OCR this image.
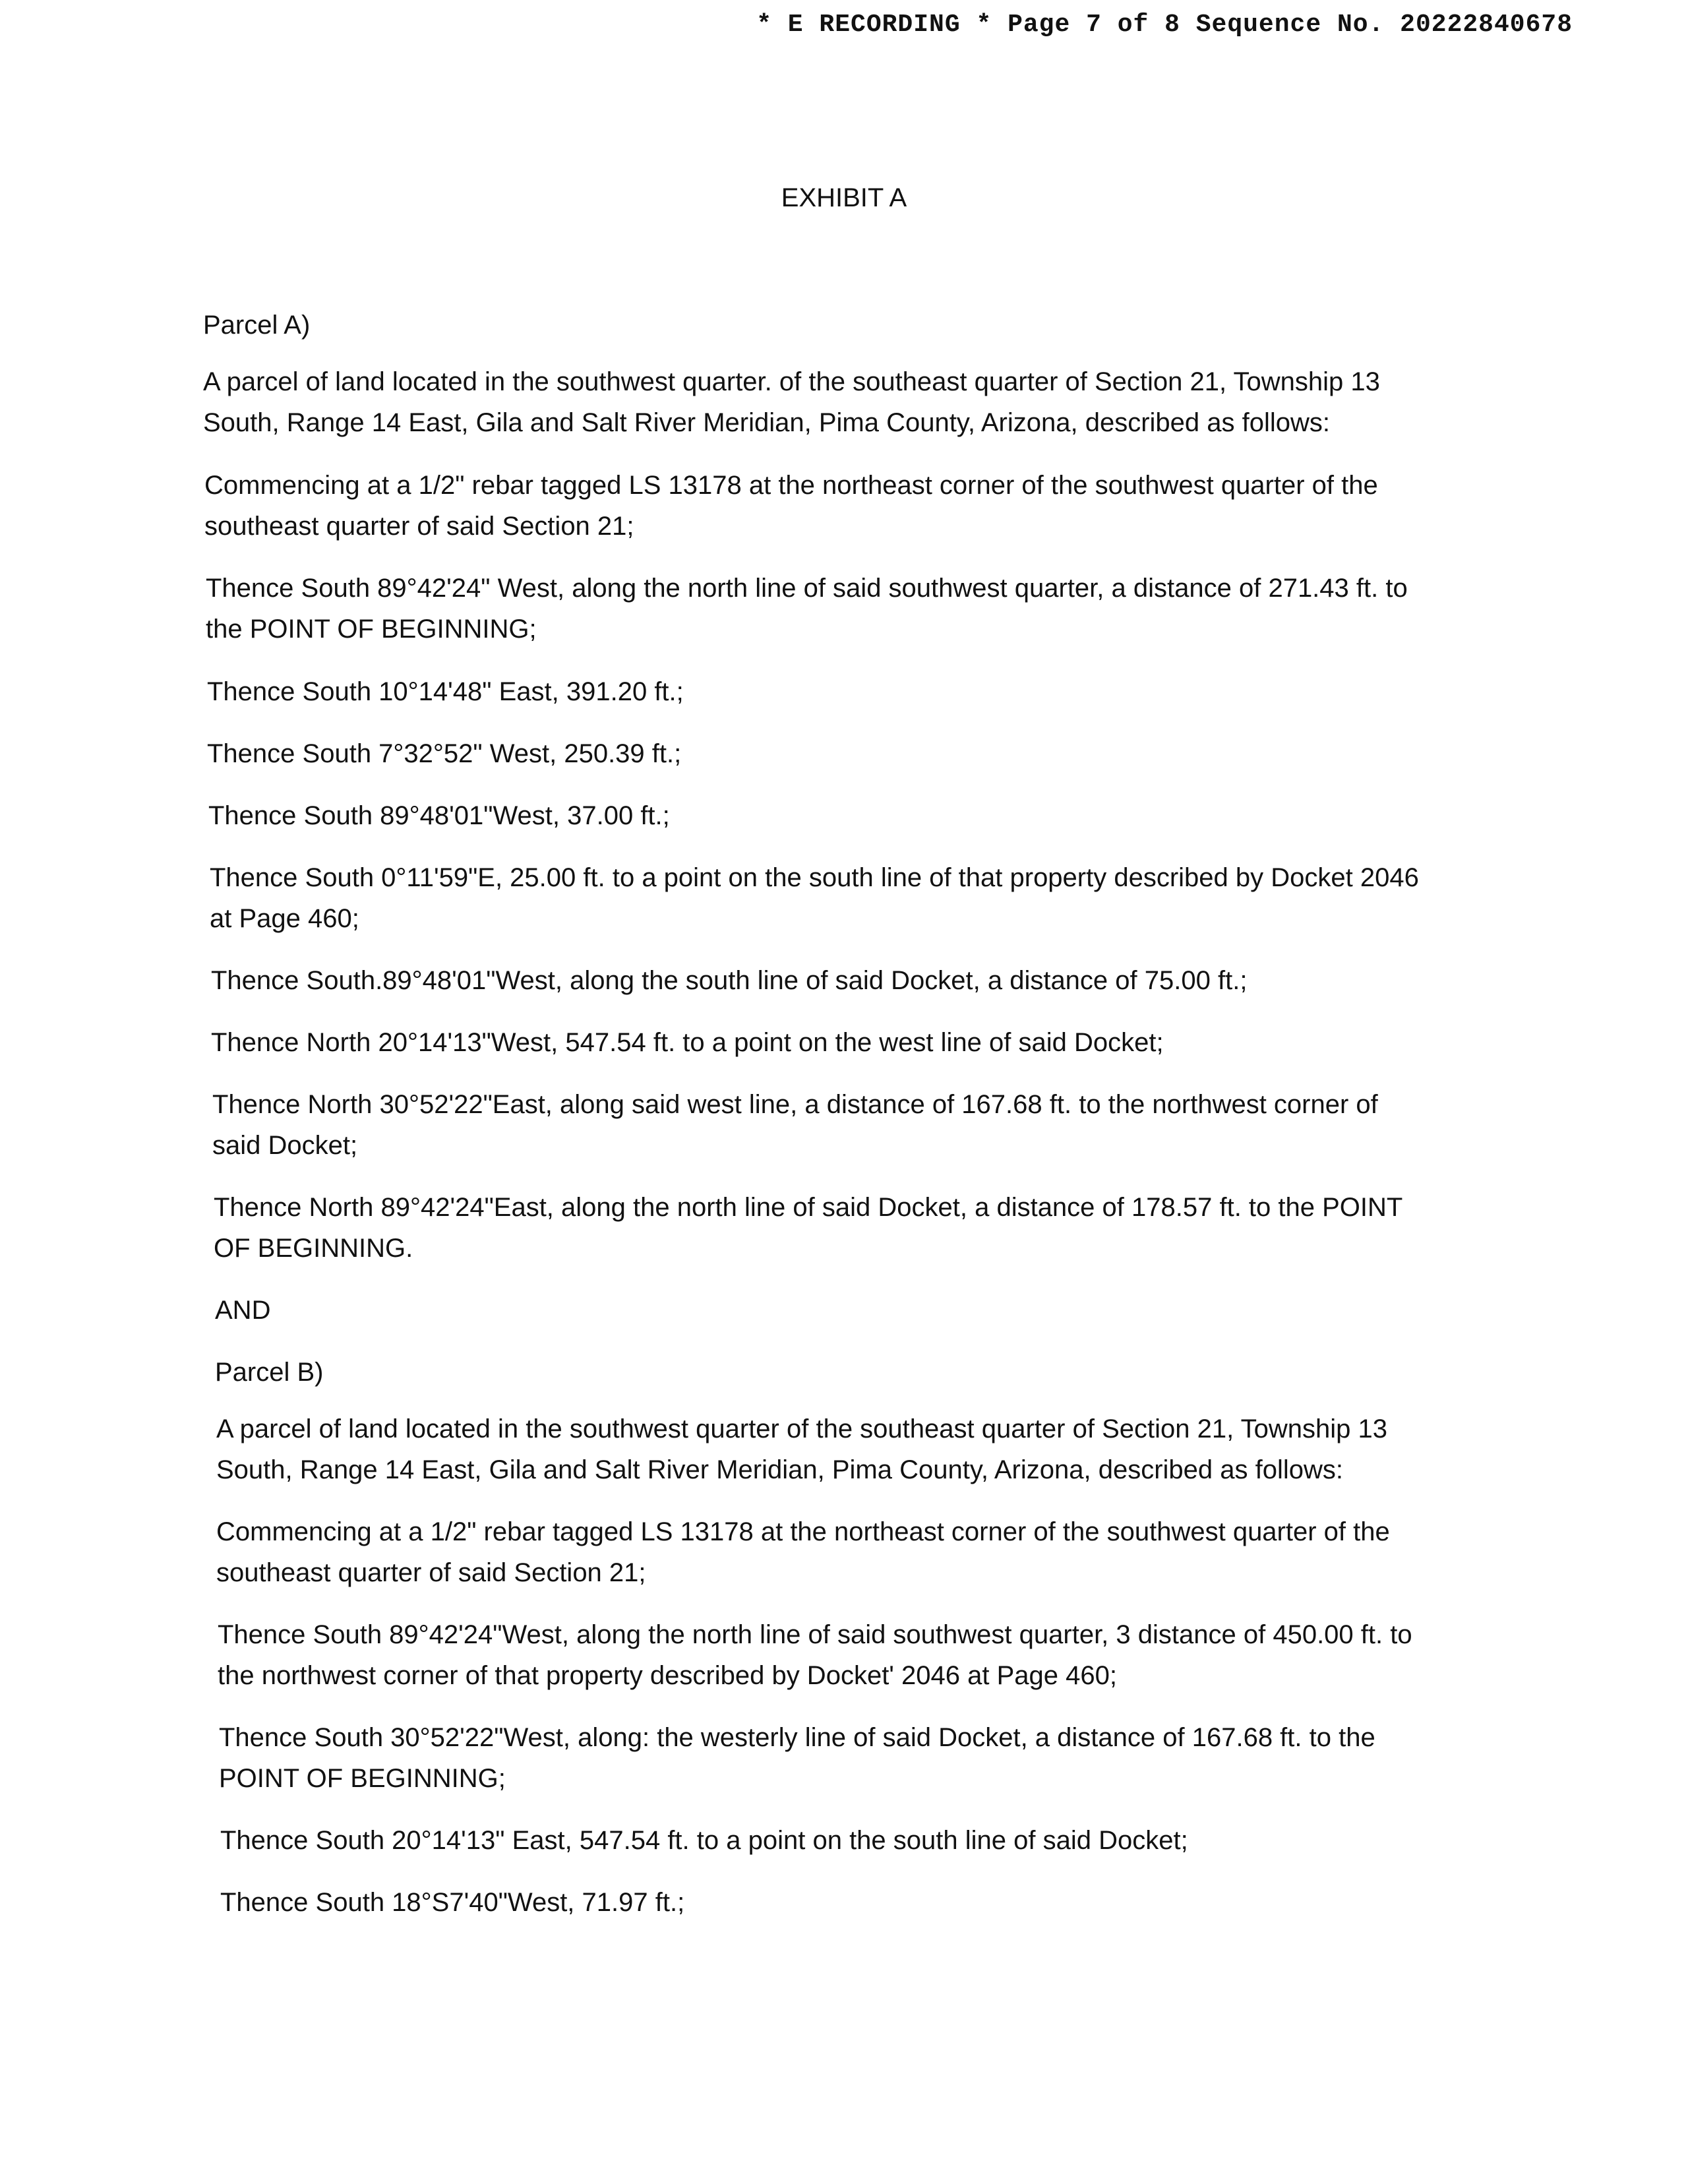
* E RECORDING * Page 7 of 8 Sequence No. 20222840678
EXHIBIT A

Parcel A)

A parcel of land located in the southwest quarter. of the southeast quarter of Section 21, Township 13
South, Range 14 East, Gila and Salt River Meridian, Pima County, Arizona, described as follows:

Commencing at a 1/2" rebar tagged LS 13178 at the northeast corner of the southwest quarter of the
southeast quarter of said Section 21;

Thence South 89°42'24" West, along the north line of said southwest quarter, a distance of 271.43 ft. to
the POINT OF BEGINNING;

Thence South 10°14'48" East, 391.20 ft.;

Thence South 7°32°52" West, 250.39 ft.;

Thence South 89°48'01"West, 37.00 ft.;

Thence South 0°11'59"E, 25.00 ft. to a point on the south line of that property described by Docket 2046
at Page 460;

Thence South.89°48'01"West, along the south line of said Docket, a distance of 75.00 ft.;

Thence North 20°14'13"West, 547.54 ft. to a point on the west line of said Docket;

Thence North 30°52'22"East, along said west line, a distance of 167.68 ft. to the northwest corner of
said Docket;

Thence North 89°42'24"East, along the north line of said Docket, a distance of 178.57 ft. to the POINT
OF BEGINNING.

AND

Parcel B)

A parcel of land located in the southwest quarter of the southeast quarter of Section 21, Township 13
South, Range 14 East, Gila and Salt River Meridian, Pima County, Arizona, described as follows:

Commencing at a 1/2" rebar tagged LS 13178 at the northeast corner of the southwest quarter of the
southeast quarter of said Section 21;

Thence South 89°42'24"West, along the north line of said southwest quarter, 3 distance of 450.00 ft. to
the northwest corner of that property described by Docket' 2046 at Page 460;

Thence South 30°52'22"West, along: the westerly line of said Docket, a distance of 167.68 ft. to the
POINT OF BEGINNING;

Thence South 20°14'13" East, 547.54 ft. to a point on the south line of said Docket;

Thence South 18°S7'40"West, 71.97 ft.;
